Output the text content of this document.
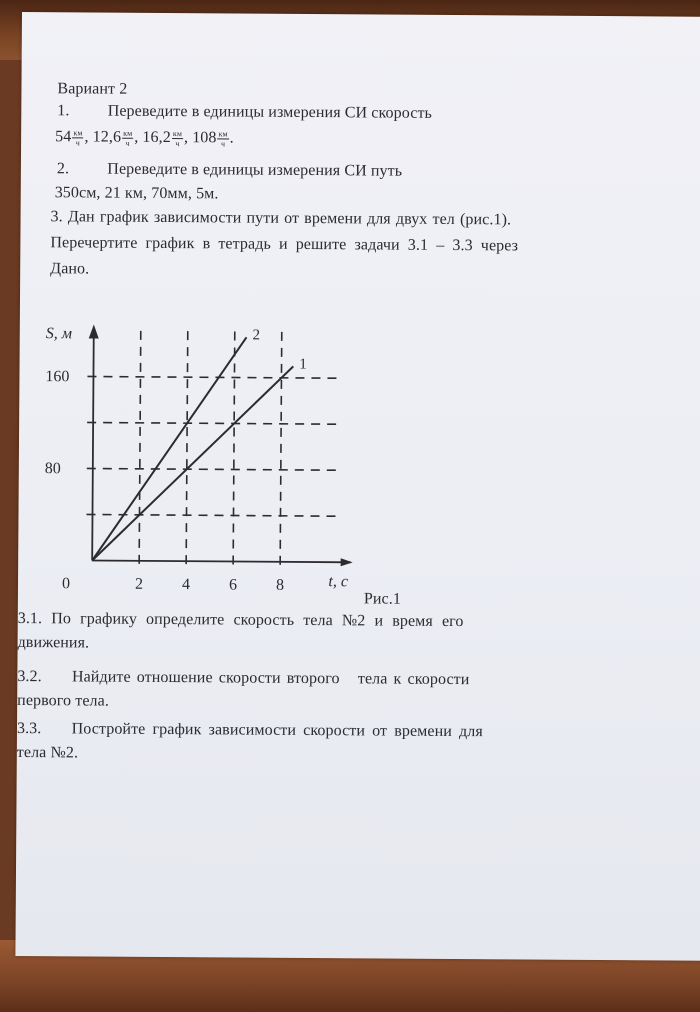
Вариант 2
1. Переведите в единицы измерения СИ скорость
$54 \frac{км}{ч}$ , $12,6 \frac{км}{ч}$ , $16,2 \frac{км}{ч}$ , $108 \frac{км}{ч}$ .
2. Переведите в единицы измерения СИ путь
350см, 21 км, 70мм, 5м.
3. Дан график зависимости пути от времени для двух тел (рис.1).
Перечертите график в тетрадь и решите задачи 3.1 – 3.3 через
Дано.
1
2
2 4 6 8
80
160
0
S, м
t, с
Рис.1
3.1. По графику определите скорость тела №2 и время его
движения.
3.2. Найдите отношение скорости второго   тела к скорости
первого тела.
3.3. Постройте график зависимости скорости от времени для
тела №2.
